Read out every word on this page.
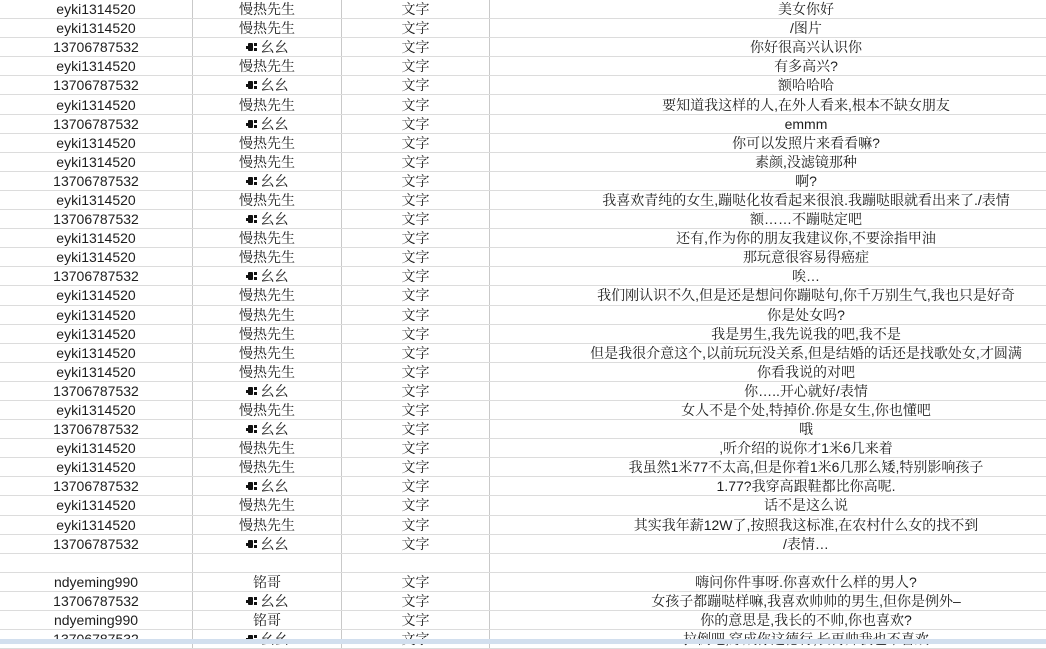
eyki1314520	慢热先生	文字	美女你好
eyki1314520	慢热先生	文字	/图片
13706787532	幺幺	文字	你好很高兴认识你
eyki1314520	慢热先生	文字	有多高兴?
13706787532	幺幺	文字	额哈哈哈
eyki1314520	慢热先生	文字	要知道我这样的人,在外人看来,根本不缺女朋友
13706787532	幺幺	文字	emmm
eyki1314520	慢热先生	文字	你可以发照片来看看嘛?
eyki1314520	慢热先生	文字	素颜,没滤镜那种
13706787532	幺幺	文字	啊?
eyki1314520	慢热先生	文字	我喜欢青纯的女生,蹦哒化妆看起来很浪.我蹦哒眼就看出来了./表情
13706787532	幺幺	文字	额……不蹦哒定吧
eyki1314520	慢热先生	文字	还有,作为你的朋友我建议你,不要涂指甲油
eyki1314520	慢热先生	文字	那玩意很容易得癌症
13706787532	幺幺	文字	唉…
eyki1314520	慢热先生	文字	我们刚认识不久,但是还是想问你蹦哒句,你千万别生气,我也只是好奇
eyki1314520	慢热先生	文字	你是处女吗?
eyki1314520	慢热先生	文字	我是男生,我先说我的吧,我不是
eyki1314520	慢热先生	文字	但是我很介意这个,以前玩玩没关系,但是结婚的话还是找歌处女,才圆满
eyki1314520	慢热先生	文字	你看我说的对吧
13706787532	幺幺	文字	你…..开心就好/表情
eyki1314520	慢热先生	文字	女人不是个处,特掉价.你是女生,你也懂吧
13706787532	幺幺	文字	哦
eyki1314520	慢热先生	文字	,听介绍的说你才1米6几来着
eyki1314520	慢热先生	文字	我虽然1米77不太高,但是你着1米6几那么矮,特别影响孩子
13706787532	幺幺	文字	1.77?我穿高跟鞋都比你高呢.
eyki1314520	慢热先生	文字	话不是这么说
eyki1314520	慢热先生	文字	其实我年薪12W了,按照我这标准,在农村什么女的找不到
13706787532	幺幺	文字	/表情…
ndyeming990	铭哥	文字	嗨问你件事呀.你喜欢什么样的男人?
13706787532	幺幺	文字	女孩子都蹦哒样嘛,我喜欢帅帅的男生,但你是例外–
ndyeming990	铭哥	文字	你的意思是,我长的不帅,你也喜欢?
